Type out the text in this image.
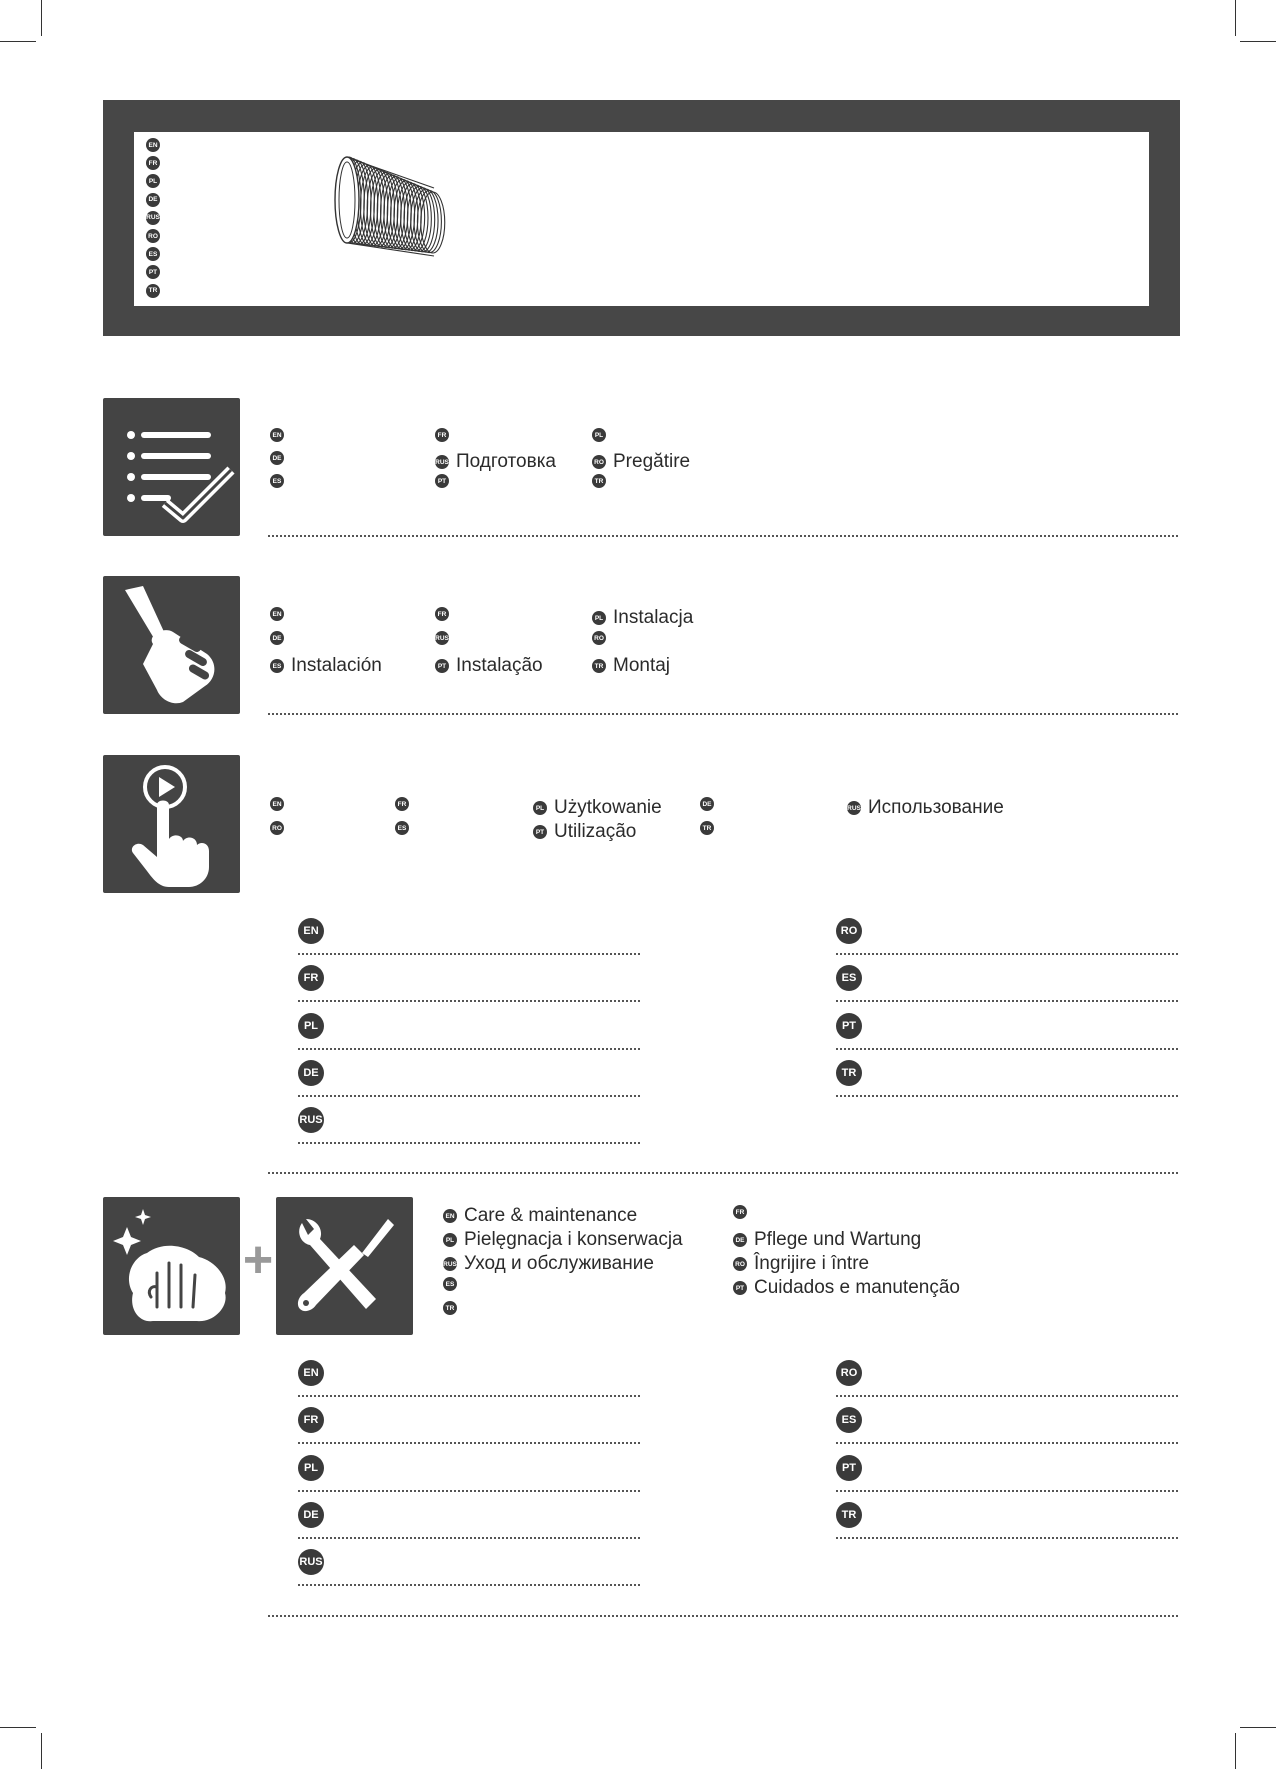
EN
FR
PL
DE
RUS
RO
ES
PT
TR
EN	FR	PL
DE
RUS Подготовка	RO Pregătire
ES	PT	TR
EN	FR
PL Instalacja
DE	RUS	RO
ES Instalación	PT Instalação	TR Montaj
EN	FR
PL Użytkowanie	DE
RUS Использование
RO	ES
PT Utilização	TR
EN
FR
PL
DE
RUS
RO
ES
PT
TR
+
EN Care & maintenance
PL Pielęgnacja i konserwacja
RUS Уход и обслуживание
ES
TR
FR
DE Pflege und Wartung
RO Îngrijire i între
PT Cuidados e manutenção
EN
FR
PL
DE
RUS
RO
ES
PT
TR
